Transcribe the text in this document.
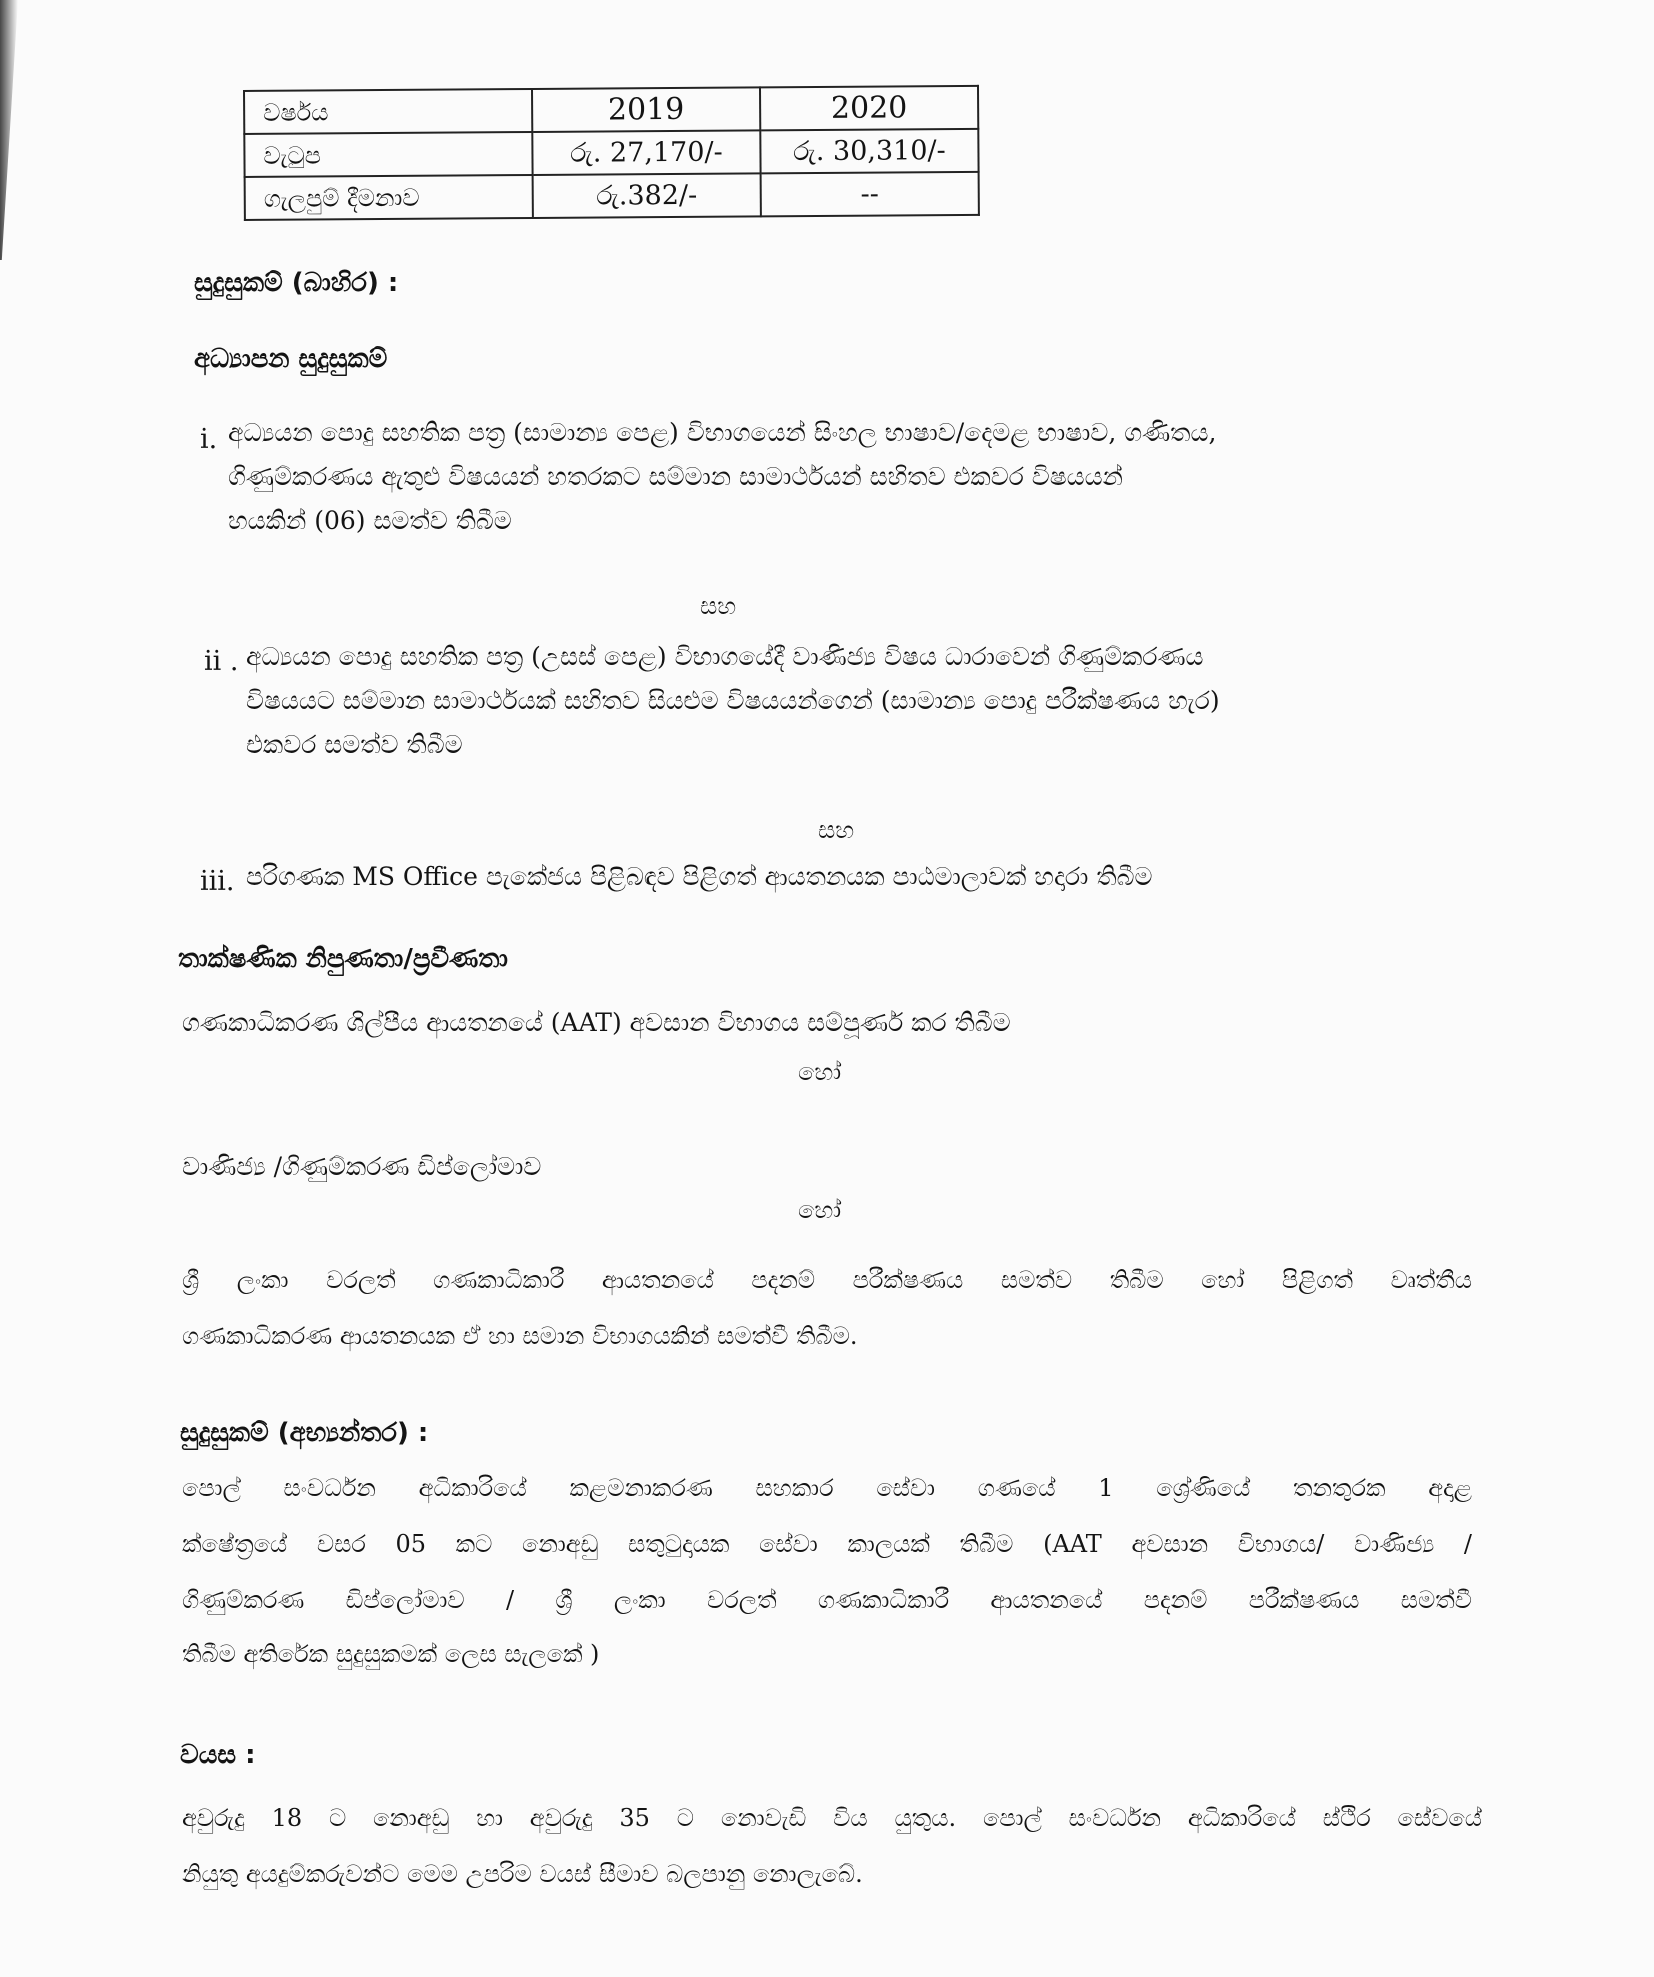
වර්ෂය	2019	2020
වැටුප	රු. 27,170/-	රු. 30,310/-
ගැලපුම් දීමනාව	රු.382/-	--
සුදුසුකම් (බාහිර) :
අධ්‍යාපන සුදුසුකම්
i. අධ්‍යයන පොදු සහතික පත්‍ර (සාමාන්‍ය පෙළ) විභාගයෙන් සිංහල භාෂාව/දෙමළ භාෂාව, ගණිතය,
ගිණුම්කරණය ඇතුළු විෂයයන් හතරකට සම්මාන සාමාර්ථයන් සහිතව එකවර විෂයයන්
හයකින් (06) සමත්ව තිබීම
සහ
ii . අධ්‍යයන පොදු සහතික පත්‍ර (උසස් පෙළ) විභාගයේදී වාණිජ්‍ය විෂය ධාරාවෙන් ගිණුම්කරණය
විෂයයට සම්මාන සාමාර්ථයක් සහිතව සියළුම විෂයයන්ගෙන් (සාමාන්‍ය පොදු පරීක්ෂණය හැර)
එකවර සමත්ව තිබීම
සහ
iii. පරිගණක MS Office පැකේජය පිළිබඳව පිළිගත් ආයතනයක පාඨමාලාවක් හදාරා තිබීම
තාක්ෂණික නිපුණතා/ප්‍රවීණතා
ගණකාධිකරණ ශිල්පීය ආයතනයේ (AAT) අවසාන විභාගය සම්පූර්ණ කර තිබීම
හෝ
වාණිජ්‍ය /ගිණුම්කරණ ඩිප්ලෝමාව
හෝ
ශ්‍රී ලංකා වරලත් ගණකාධිකාරී ආයතනයේ පදනම් පරීක්ෂණය සමත්ව තිබීම හෝ පිළිගත් වෘත්තීය
ගණකාධිකරණ ආයතනයක ඒ හා සමාන විභාගයකින් සමත්වී තිබීම.
සුදුසුකම් (අභ්‍යන්තර) :
පොල් සංවර්ධන අධිකාරියේ කළමනාකරණ සහකාර සේවා ගණයේ 1 ශ්‍රේණියේ තනතුරක අදාළ
ක්ෂේත්‍රයේ වසර 05 කට නොඅඩු සතුටුදායක සේවා කාලයක් තිබීම (AAT අවසාන විභාගය/ වාණිජ්‍ය /
ගිණුම්කරණ ඩිප්ලෝමාව / ශ්‍රී ලංකා වරලත් ගණකාධිකාරී ආයතනයේ පදනම් පරීක්ෂණය සමත්වී
තිබීම අතිරේක සුදුසුකමක් ලෙස සැලකේ )
වයස :
අවුරුදු 18 ට නොඅඩු හා අවුරුදු 35 ට නොවැඩි විය යුතුය. පොල් සංවර්ධන අධිකාරියේ ස්ථිර සේවයේ
නියුතු අයදුම්කරුවන්ට මෙම උපරිම වයස් සීමාව බලපානු නොලැබේ.
